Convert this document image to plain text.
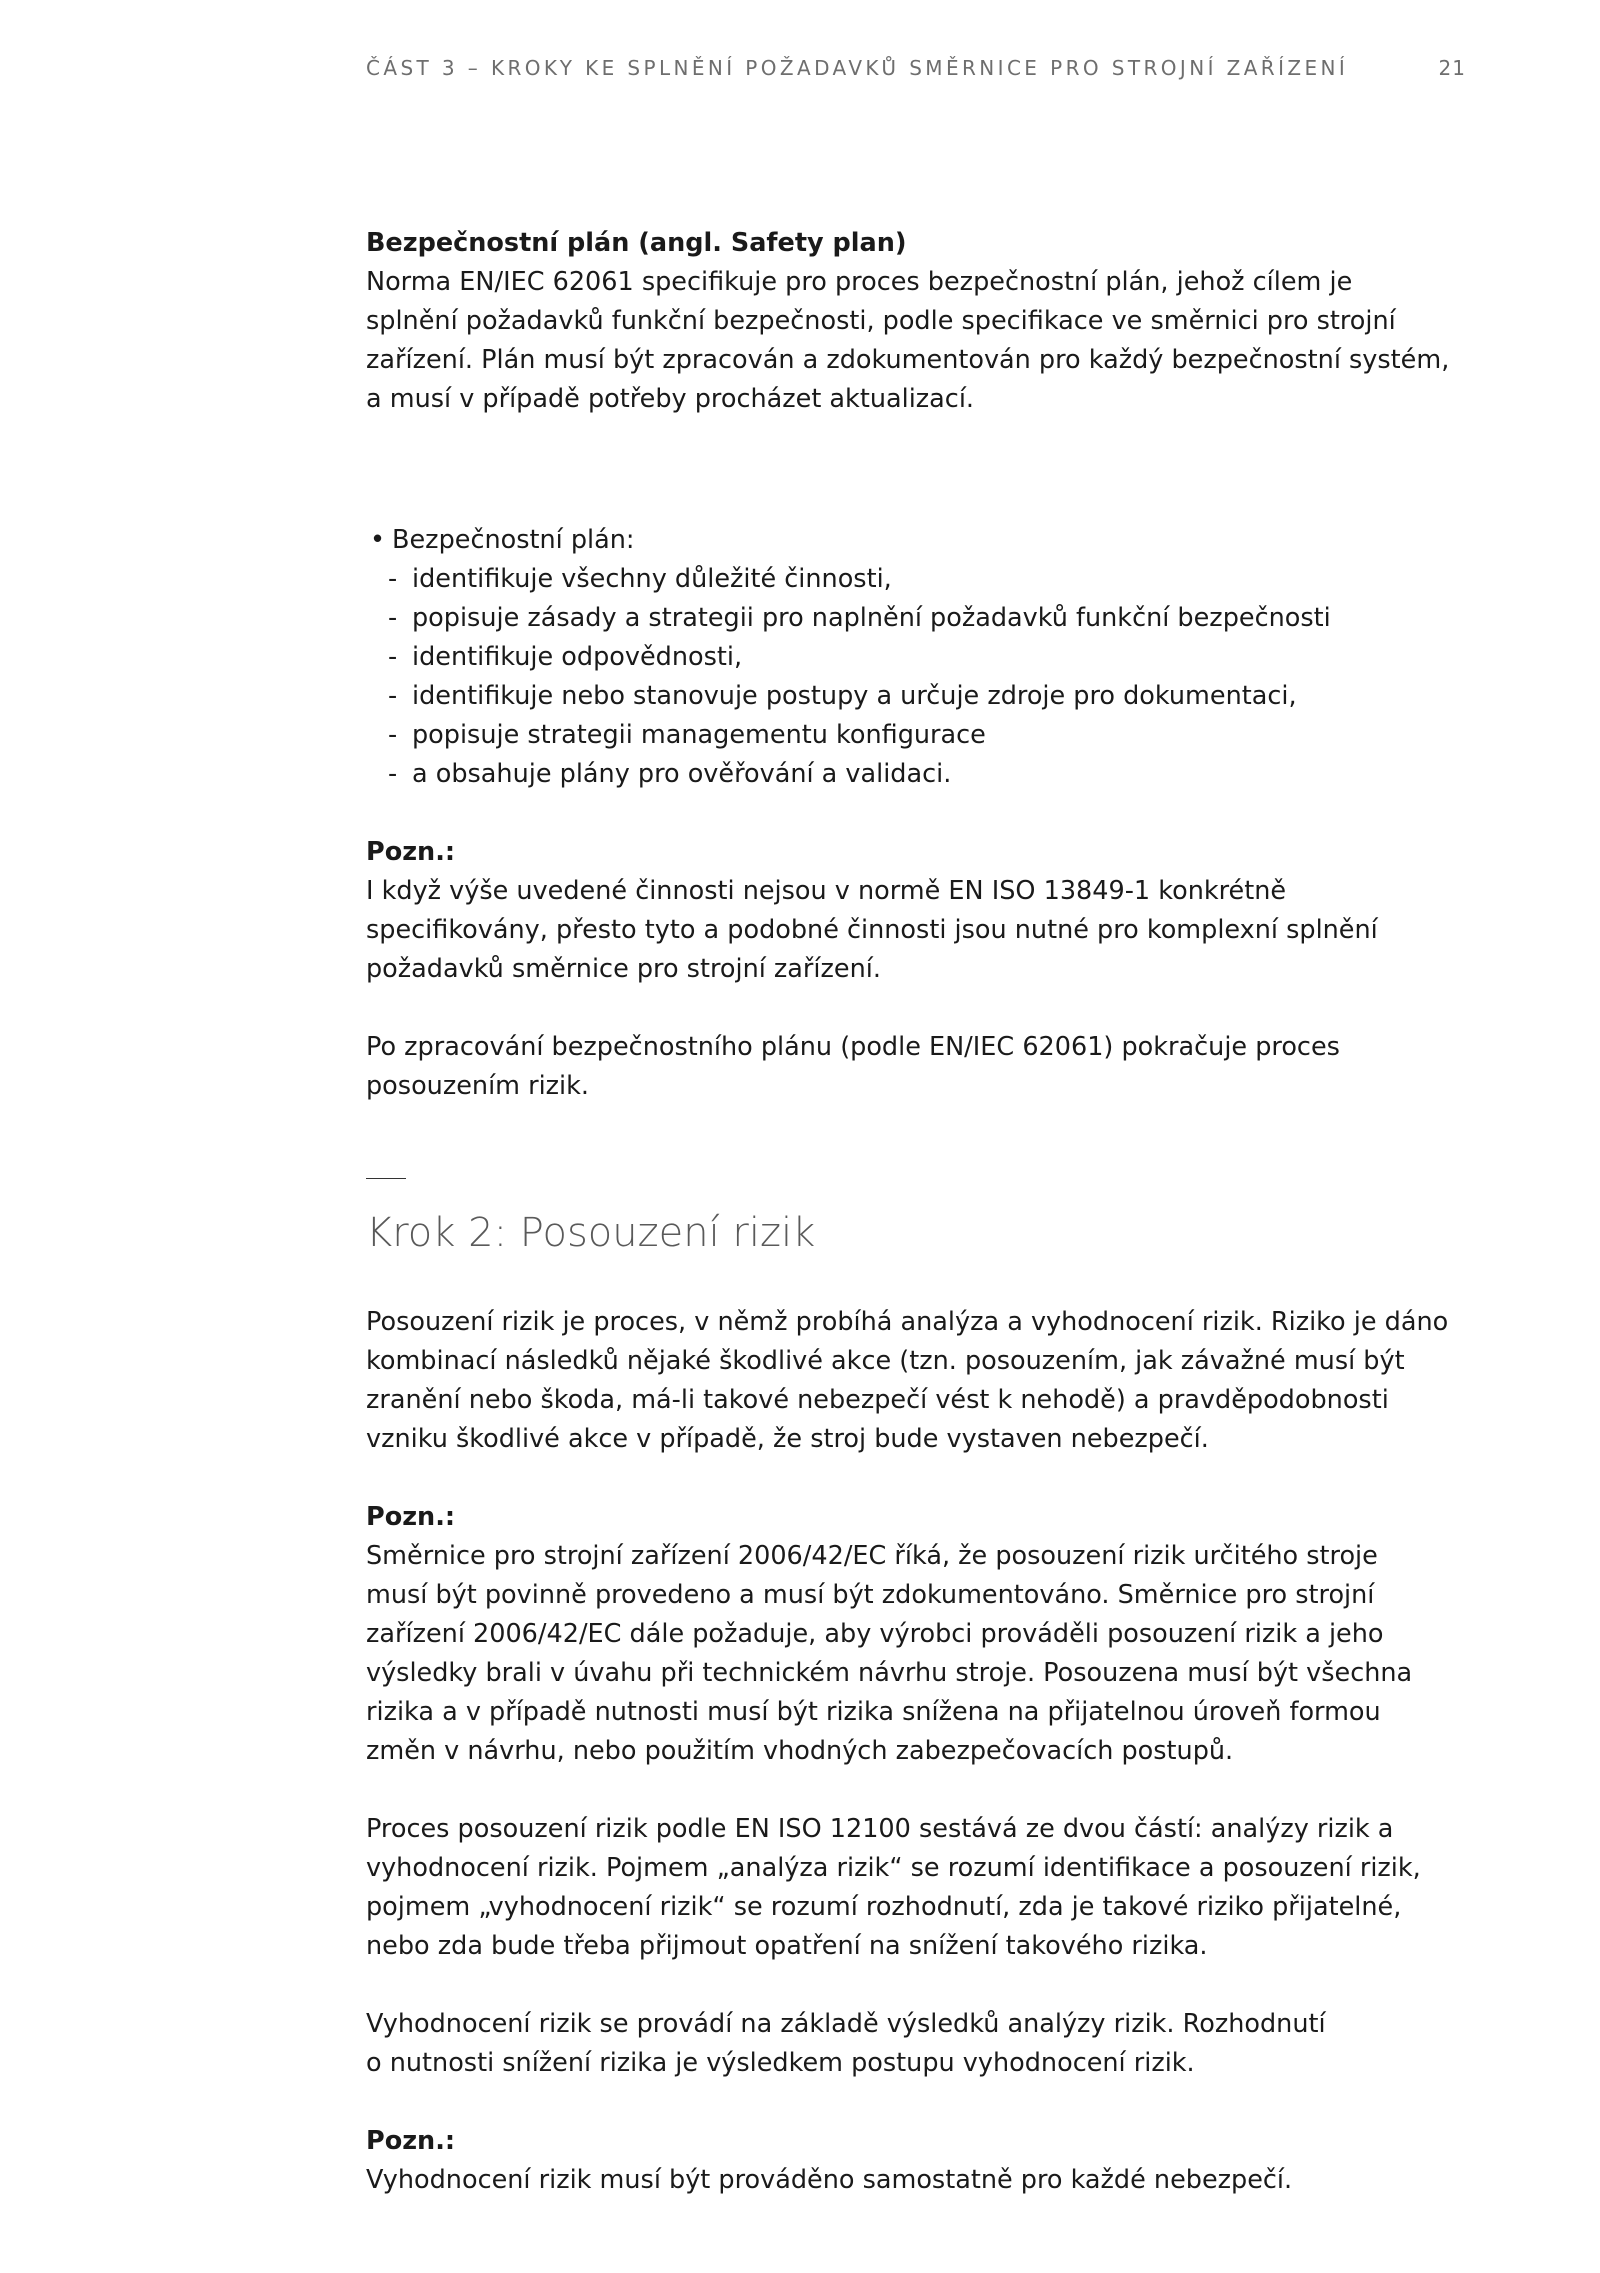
ČÁST 3 – KROKY KE SPLNĚNÍ POŽADAVKŮ SMĚRNICE PRO STROJNÍ ZAŘÍZENÍ	21

Bezpečnostní plán (angl. Safety plan)

Norma EN/IEC 62061 specifikuje pro proces bezpečnostní plán, jehož cílem je

splnění požadavků funkční bezpečnosti, podle specifikace ve směrnici pro strojní

zařízení. Plán musí být zpracován a zdokumentován pro každý bezpečnostní systém,

a musí v případě potřeby procházet aktualizací.

• Bezpečnostní plán:
- identifikuje všechny důležité činnosti,
- popisuje zásady a strategii pro naplnění požadavků funkční bezpečnosti
- identifikuje odpovědnosti,
- identifikuje nebo stanovuje postupy a určuje zdroje pro dokumentaci,
- popisuje strategii managementu konfigurace
- a obsahuje plány pro ověřování a validaci.

Pozn.:

I když výše uvedené činnosti nejsou v normě EN ISO 13849-1 konkrétně

specifikovány, přesto tyto a podobné činnosti jsou nutné pro komplexní splnění

požadavků směrnice pro strojní zařízení.

Po zpracování bezpečnostního plánu (podle EN/IEC 62061) pokračuje proces

posouzením rizik.

Krok 2: Posouzení rizik

Posouzení rizik je proces, v němž probíhá analýza a vyhodnocení rizik. Riziko je dáno

kombinací následků nějaké škodlivé akce (tzn. posouzením, jak závažné musí být

zranění nebo škoda, má-li takové nebezpečí vést k nehodě) a pravděpodobnosti

vzniku škodlivé akce v případě, že stroj bude vystaven nebezpečí.

Pozn.:

Směrnice pro strojní zařízení 2006/42/EC říká, že posouzení rizik určitého stroje

musí být povinně provedeno a musí být zdokumentováno. Směrnice pro strojní

zařízení 2006/42/EC dále požaduje, aby výrobci prováděli posouzení rizik a jeho

výsledky brali v úvahu při technickém návrhu stroje. Posouzena musí být všechna

rizika a v případě nutnosti musí být rizika snížena na přijatelnou úroveň formou

změn v návrhu, nebo použitím vhodných zabezpečovacích postupů.

Proces posouzení rizik podle EN ISO 12100 sestává ze dvou částí: analýzy rizik a

vyhodnocení rizik. Pojmem „analýza rizik“ se rozumí identifikace a posouzení rizik,

pojmem „vyhodnocení rizik“ se rozumí rozhodnutí, zda je takové riziko přijatelné,

nebo zda bude třeba přijmout opatření na snížení takového rizika.

Vyhodnocení rizik se provádí na základě výsledků analýzy rizik. Rozhodnutí

o nutnosti snížení rizika je výsledkem postupu vyhodnocení rizik.

Pozn.:

Vyhodnocení rizik musí být prováděno samostatně pro každé nebezpečí.
